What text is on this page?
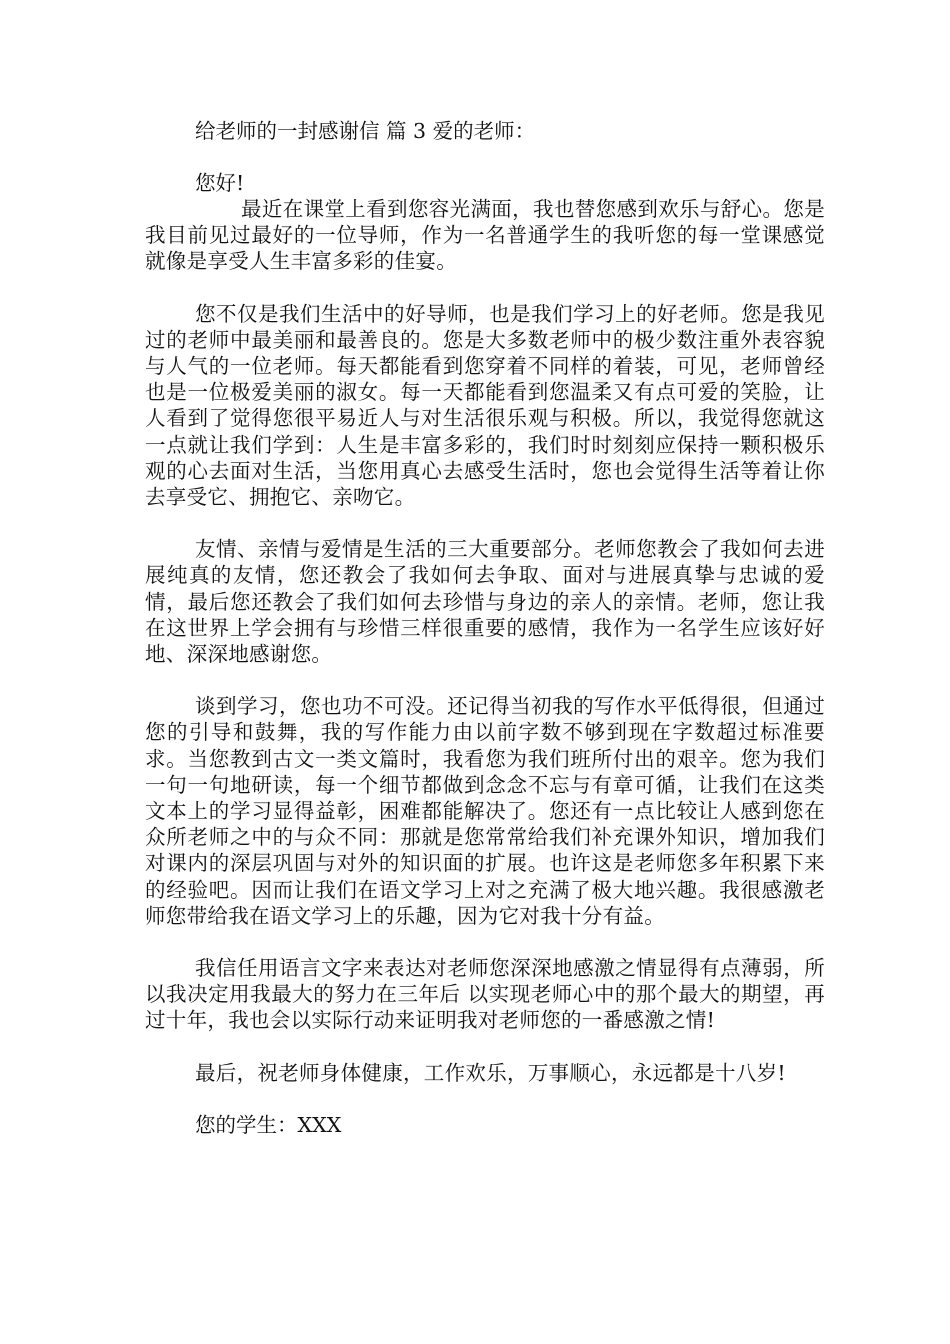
给老师的一封感谢信 篇 3 爱的老师：

您好!

最近在课堂上看到您容光满面，我也替您感到欢乐与舒心。您是我目前见过最好的一位导师，作为一名普通学生的我听您的每一堂课感觉就像是享受人生丰富多彩的佳宴。

您不仅是我们生活中的好导师，也是我们学习上的好老师。您是我见过的老师中最美丽和最善良的。您是大多数老师中的极少数注重外表容貌与人气的一位老师。每天都能看到您穿着不同样的着装，可见，老师曾经也是一位极爱美丽的淑女。每一天都能看到您温柔又有点可爱的笑脸，让人看到了觉得您很平易近人与对生活很乐观与积极。所以，我觉得您就这一点就让我们学到：人生是丰富多彩的，我们时时刻刻应保持一颗积极乐观的心去面对生活，当您用真心去感受生活时，您也会觉得生活等着让你去享受它、拥抱它、亲吻它。

友情、亲情与爱情是生活的三大重要部分。老师您教会了我如何去进展纯真的友情，您还教会了我如何去争取、面对与进展真挚与忠诚的爱情，最后您还教会了我们如何去珍惜与身边的亲人的亲情。老师，您让我在这世界上学会拥有与珍惜三样很重要的感情，我作为一名学生应该好好地、深深地感谢您。

谈到学习，您也功不可没。还记得当初我的写作水平低得很，但通过您的引导和鼓舞，我的写作能力由以前字数不够到现在字数超过标准要求。当您教到古文一类文篇时，我看您为我们班所付出的艰辛。您为我们一句一句地研读，每一个细节都做到念念不忘与有章可循，让我们在这类文本上的学习显得益彰，困难都能解决了。您还有一点比较让人感到您在众所老师之中的与众不同：那就是您常常给我们补充课外知识，增加我们对课内的深层巩固与对外的知识面的扩展。也许这是老师您多年积累下来的经验吧。因而让我们在语文学习上对之充满了极大地兴趣。我很感激老师您带给我在语文学习上的乐趣，因为它对我十分有益。

我信任用语言文字来表达对老师您深深地感激之情显得有点薄弱，所以我决定用我最大的努力在三年后 以实现老师心中的那个最大的期望，再过十年，我也会以实际行动来证明我对老师您的一番感激之情!

最后，祝老师身体健康，工作欢乐，万事顺心，永远都是十八岁!

您的学生：XXX
